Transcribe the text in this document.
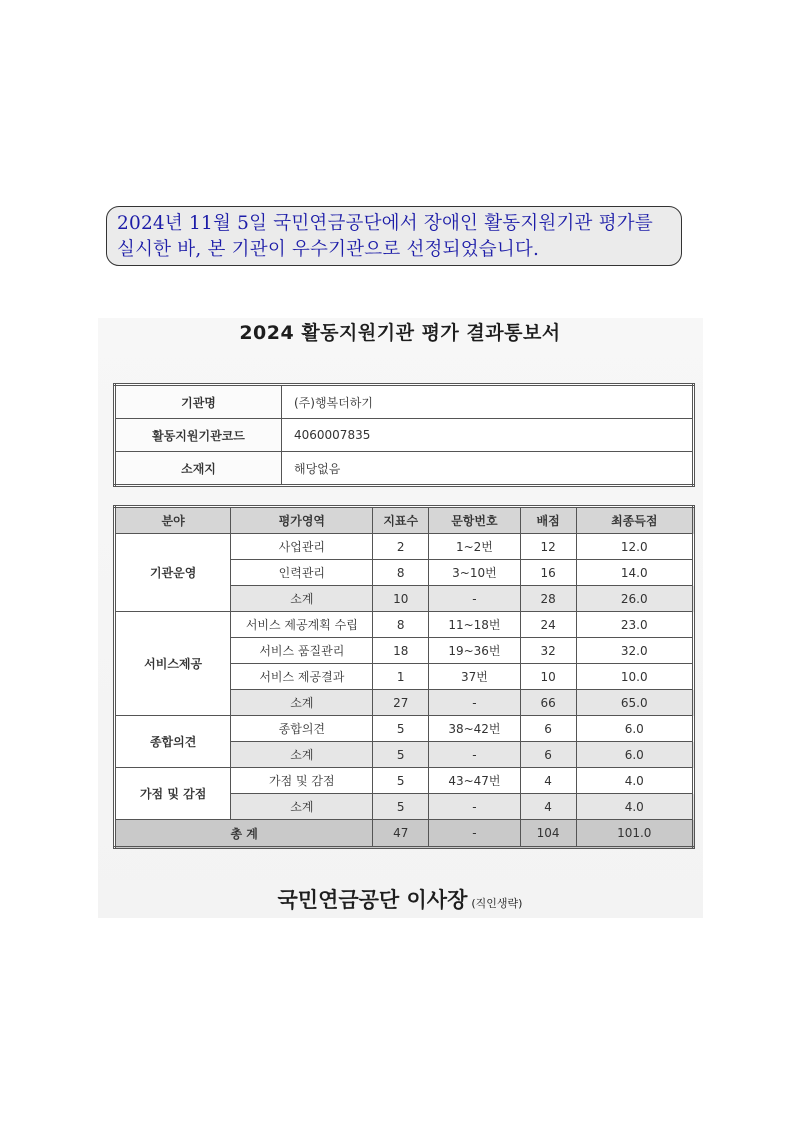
2024년 11월 5일 국민연금공단에서 장애인 활동지원기관 평가를

실시한 바, 본 기관이 우수기관으로 선정되었습니다.

2024 활동지원기관 평가 결과통보서
기관명	(주)행복더하기
활동지원기관코드	4060007835
소재지	해당없음
분야	평가영역	지표수	문항번호	배점	최종득점
기관운영	사업관리	2	1~2번	12	12.0
	인력관리	8	3~10번	16	14.0
	소계	10	-	28	26.0
서비스제공	서비스 제공계획 수립	8	11~18번	24	23.0
	서비스 품질관리	18	19~36번	32	32.0
	서비스 제공결과	1	37번	10	10.0
	소계	27	-	66	65.0
종합의견	종합의견	5	38~42번	6	6.0
	소계	5	-	6	6.0
가점 및 감점	가점 및 감점	5	43~47번	4	4.0
	소계	5	-	4	4.0
총 계		47	-	104	101.0

국민연금공단 이사장 (직인생략)
